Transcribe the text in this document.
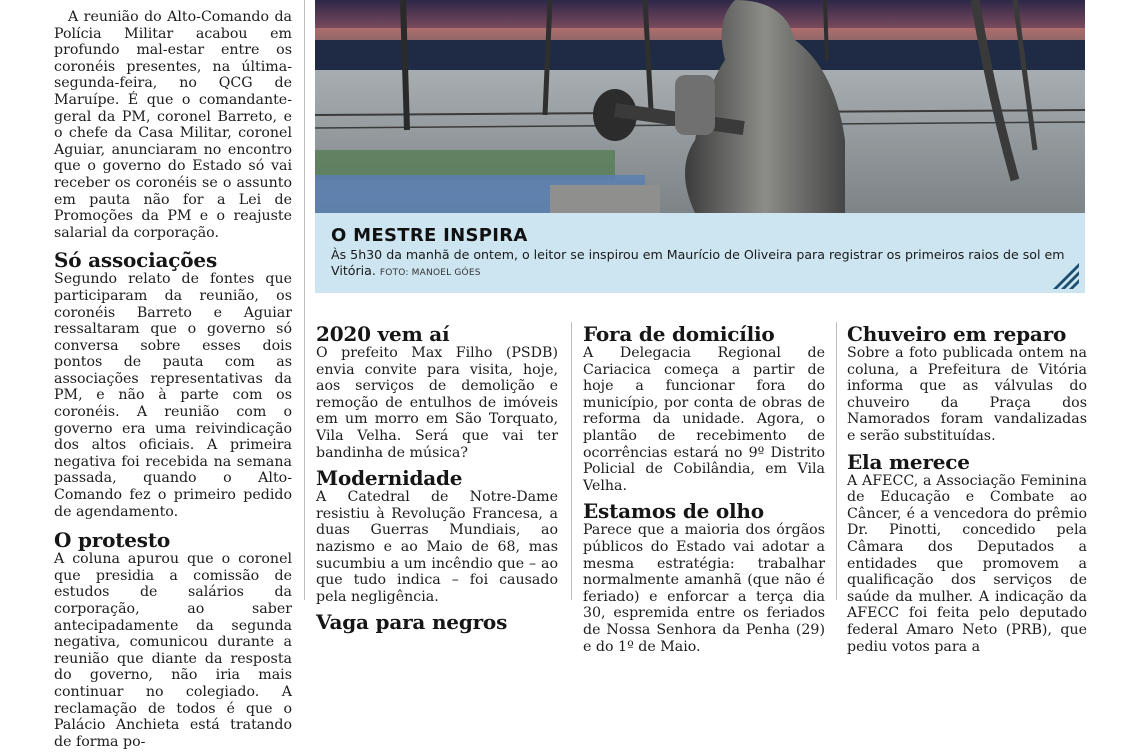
A reunião do Alto-Comando da Polícia Militar acabou em profundo mal-estar entre os coronéis presentes, na última-segunda-feira, no QCG de Maruípe. É que o comandante-geral da PM, coronel Barreto, e o chefe da Casa Militar, coronel Aguiar, anunciaram no encontro que o governo do Estado só vai receber os coronéis se o assunto em pauta não for a Lei de Promoções da PM e o reajuste salarial da corporação.

Só associações

Segundo relato de fontes que participaram da reunião, os coronéis Barreto e Aguiar ressaltaram que o governo só conversa sobre esses dois pontos de pauta com as associações representativas da PM, e não à parte com os coronéis. A reunião com o governo era uma reivindicação dos altos oficiais. A primeira negativa foi recebida na semana passada, quando o Alto-Comando fez o primeiro pedido de agendamento.

O protesto

A coluna apurou que o coronel que presidia a comissão de estudos de salários da corporação, ao saber antecipadamente da segunda negativa, comunicou durante a reunião que diante da resposta do governo, não iria mais continuar no colegiado. A reclamação de todos é que o Palácio Anchieta está tratando de forma po-

O MESTRE INSPIRA
Às 5h30 da manhã de ontem, o leitor se inspirou em Maurício de Oliveira para registrar os primeiros raios de sol em Vitória. FOTO: MANOEL GÓES
2020 vem aí

O prefeito Max Filho (PSDB) envia convite para visita, hoje, aos serviços de demolição e remoção de entulhos de imóveis em um morro em São Torquato, Vila Velha. Será que vai ter bandinha de música?

Modernidade

A Catedral de Notre-Dame resistiu à Revolução Francesa, a duas Guerras Mundiais, ao nazismo e ao Maio de 68, mas sucumbiu a um incêndio que – ao que tudo indica – foi causado pela negligência.

Vaga para negros
Fora de domicílio

A Delegacia Regional de Cariacica começa a partir de hoje a funcionar fora do município, por conta de obras de reforma da unidade. Agora, o plantão de recebimento de ocorrências estará no 9º Distrito Policial de Cobilândia, em Vila Velha.

Estamos de olho

Parece que a maioria dos órgãos públicos do Estado vai adotar a mesma estratégia: trabalhar normalmente amanhã (que não é feriado) e enforcar a terça dia 30, espremida entre os feriados de Nossa Senhora da Penha (29) e do 1º de Maio.

Chuveiro em reparo

Sobre a foto publicada ontem na coluna, a Prefeitura de Vitória informa que as válvulas do chuveiro da Praça dos Namorados foram vandalizadas e serão substituídas.

Ela merece

A AFECC, a Associação Feminina de Educação e Combate ao Câncer, é a vencedora do prêmio Dr. Pinotti, concedido pela Câmara dos Deputados a entidades que promovem a qualificação dos serviços de saúde da mulher. A indicação da AFECC foi feita pelo deputado federal Amaro Neto (PRB), que pediu votos para a
